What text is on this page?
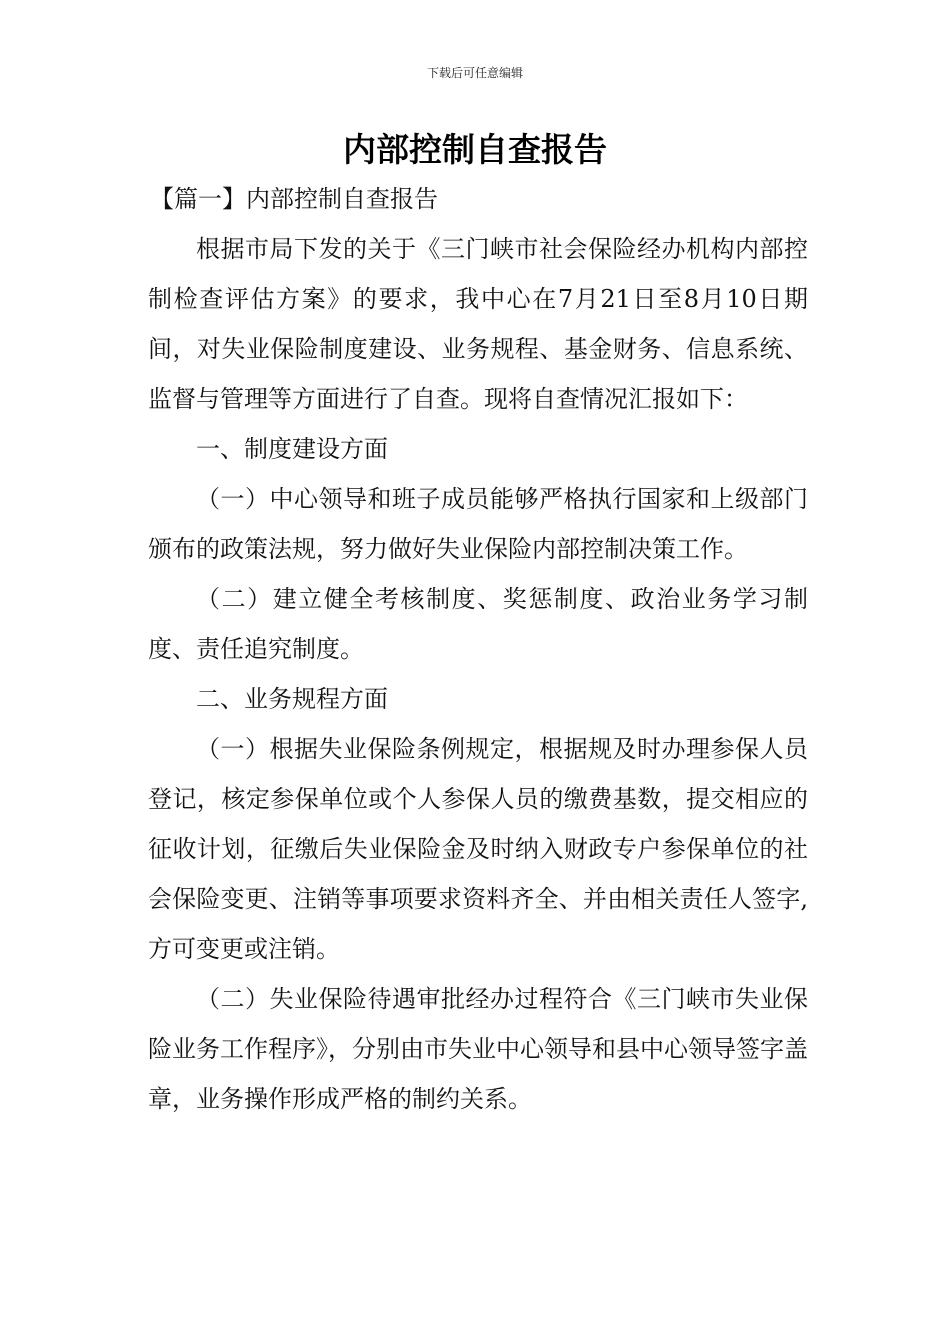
下载后可任意编辑
内部控制自查报告
【篇一】内部控制自查报告

根据市局下发的关于《三门峡市社会保险经办机构内部控制检查评估方案》的要求，我中心在7月21日至8月10日期间，对失业保险制度建设、业务规程、基金财务、信息系统、监督与管理等方面进行了自查。现将自查情况汇报如下：

一、制度建设方面

（一）中心领导和班子成员能够严格执行国家和上级部门颁布的政策法规，努力做好失业保险内部控制决策工作。

（二）建立健全考核制度、奖惩制度、政治业务学习制度、责任追究制度。

二、业务规程方面

（一）根据失业保险条例规定，根据规及时办理参保人员登记，核定参保单位或个人参保人员的缴费基数，提交相应的征收计划，征缴后失业保险金及时纳入财政专户参保单位的社会保险变更、注销等事项要求资料齐全、并由相关责任人签字,方可变更或注销。

（二）失业保险待遇审批经办过程符合《三门峡市失业保险业务工作程序》，分别由市失业中心领导和县中心领导签字盖章，业务操作形成严格的制约关系。
